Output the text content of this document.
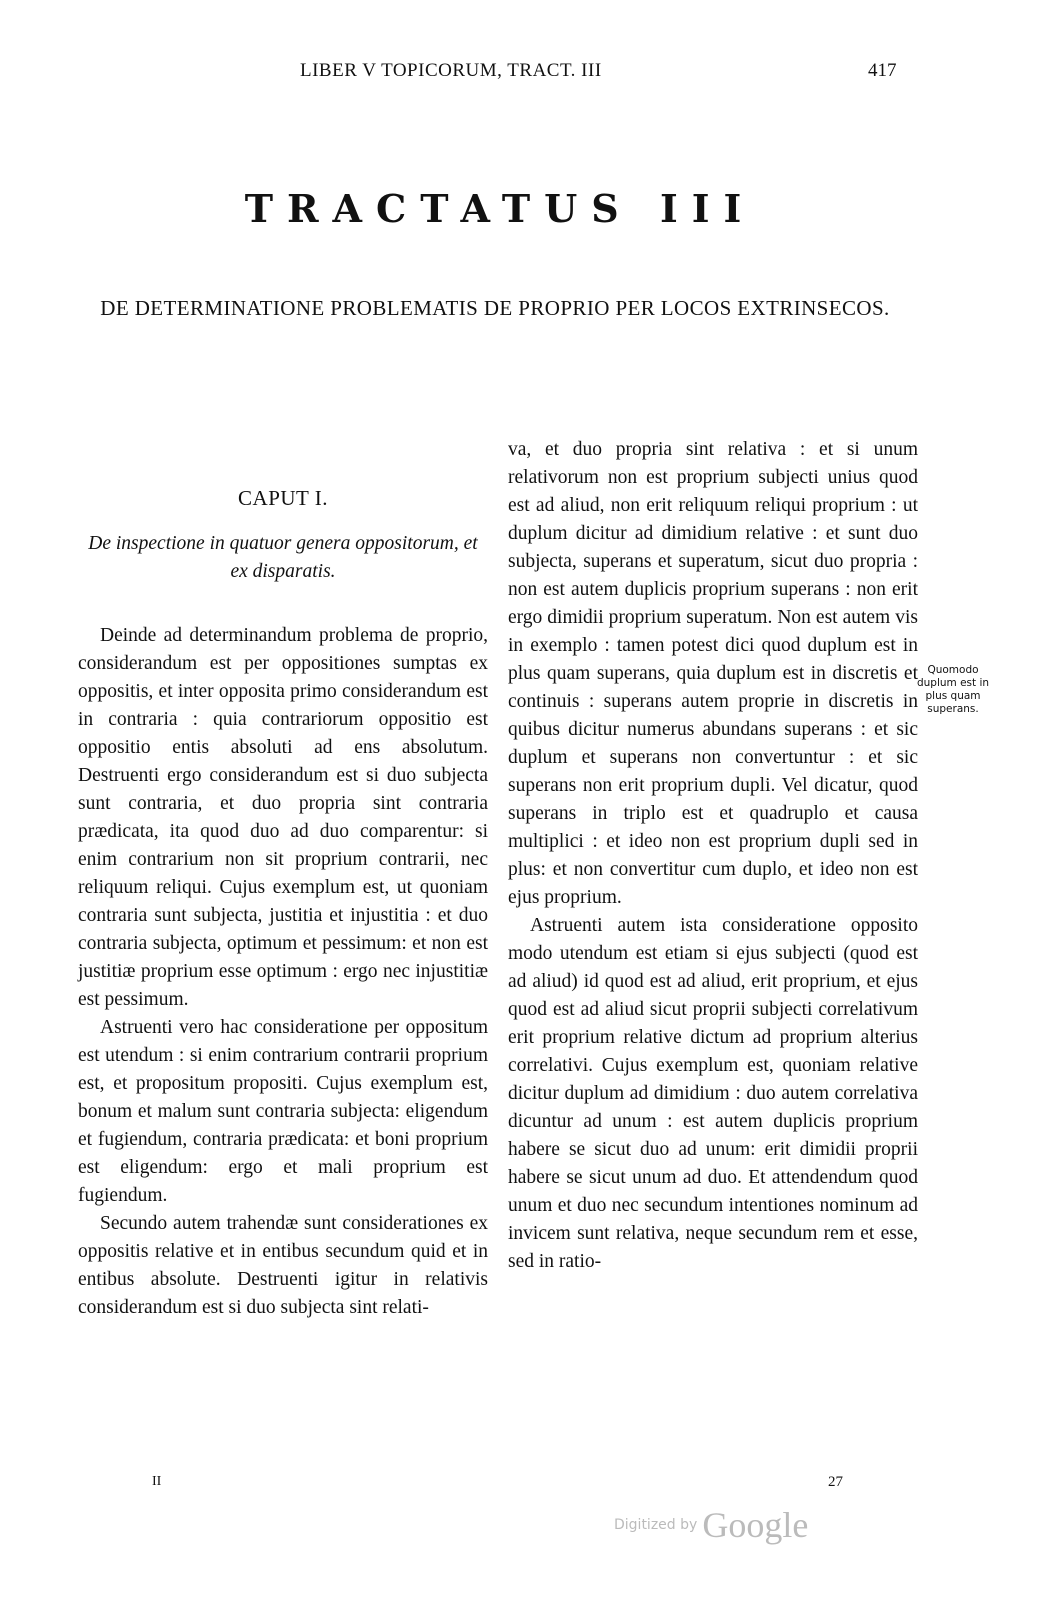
LIBER V TOPICORUM, TRACT. III	417
TRACTATUS III
DE DETERMINATIONE PROBLEMATIS DE PROPRIO PER LOCOS EXTRINSECOS.
CAPUT I.
De inspectione in quatuor genera oppositorum, et ex disparatis.

Deinde ad determinandum problema de proprio, considerandum est per oppositiones sumptas ex oppositis, et inter opposita primo considerandum est in contraria : quia contrariorum oppositio est oppositio entis absoluti ad ens absolutum. Destruenti ergo considerandum est si duo subjecta sunt contraria, et duo propria sint contraria prædicata, ita quod duo ad duo comparentur: si enim contrarium non sit proprium contrarii, nec reliquum reliqui. Cujus exemplum est, ut quoniam contraria sunt subjecta, justitia et injustitia : et duo contraria subjecta, optimum et pessimum: et non est justitiæ proprium esse optimum : ergo nec injustitiæ est pessimum.

Astruenti vero hac consideratione per oppositum est utendum : si enim contrarium contrarii proprium est, et propositum propositi. Cujus exemplum est, bonum et malum sunt contraria subjecta: eligendum et fugiendum, contraria prædicata: et boni proprium est eligendum: ergo et mali proprium est fugiendum.

Secundo autem trahendæ sunt considerationes ex oppositis relative et in entibus secundum quid et in entibus absolute. Destruenti igitur in relativis considerandum est si duo subjecta sint relati-

va, et duo propria sint relativa : et si unum relativorum non est proprium subjecti unius quod est ad aliud, non erit reliquum reliqui proprium : ut duplum dicitur ad dimidium relative : et sunt duo subjecta, superans et superatum, sicut duo propria : non est autem duplicis proprium superans : non erit ergo dimidii proprium superatum. Non est autem vis in exemplo : tamen potest dici quod duplum est in plus quam superans, quia duplum est in discretis et continuis : superans autem proprie in discretis in quibus dicitur numerus abundans superans : et sic duplum et superans non convertuntur : et sic superans non erit proprium dupli. Vel dicatur, quod superans in triplo est et quadruplo et causa multiplici : et ideo non est proprium dupli sed in plus: et non convertitur cum duplo, et ideo non est ejus proprium.

Astruenti autem ista consideratione opposito modo utendum est etiam si ejus subjecti (quod est ad aliud) id quod est ad aliud, erit proprium, et ejus quod est ad aliud sicut proprii subjecti correlativum erit proprium relative dictum ad proprium alterius correlativi. Cujus exemplum est, quoniam relative dicitur duplum ad dimidium : duo autem correlativa dicuntur ad unum : est autem duplicis proprium habere se sicut duo ad unum: erit dimidii proprii habere se sicut unum ad duo. Et attendendum quod unum et duo nec secundum intentiones nominum ad invicem sunt relativa, neque secundum rem et esse, sed in ratio-

Quomodo duplum est in plus quam superans.
II	27
Digitized by Google
